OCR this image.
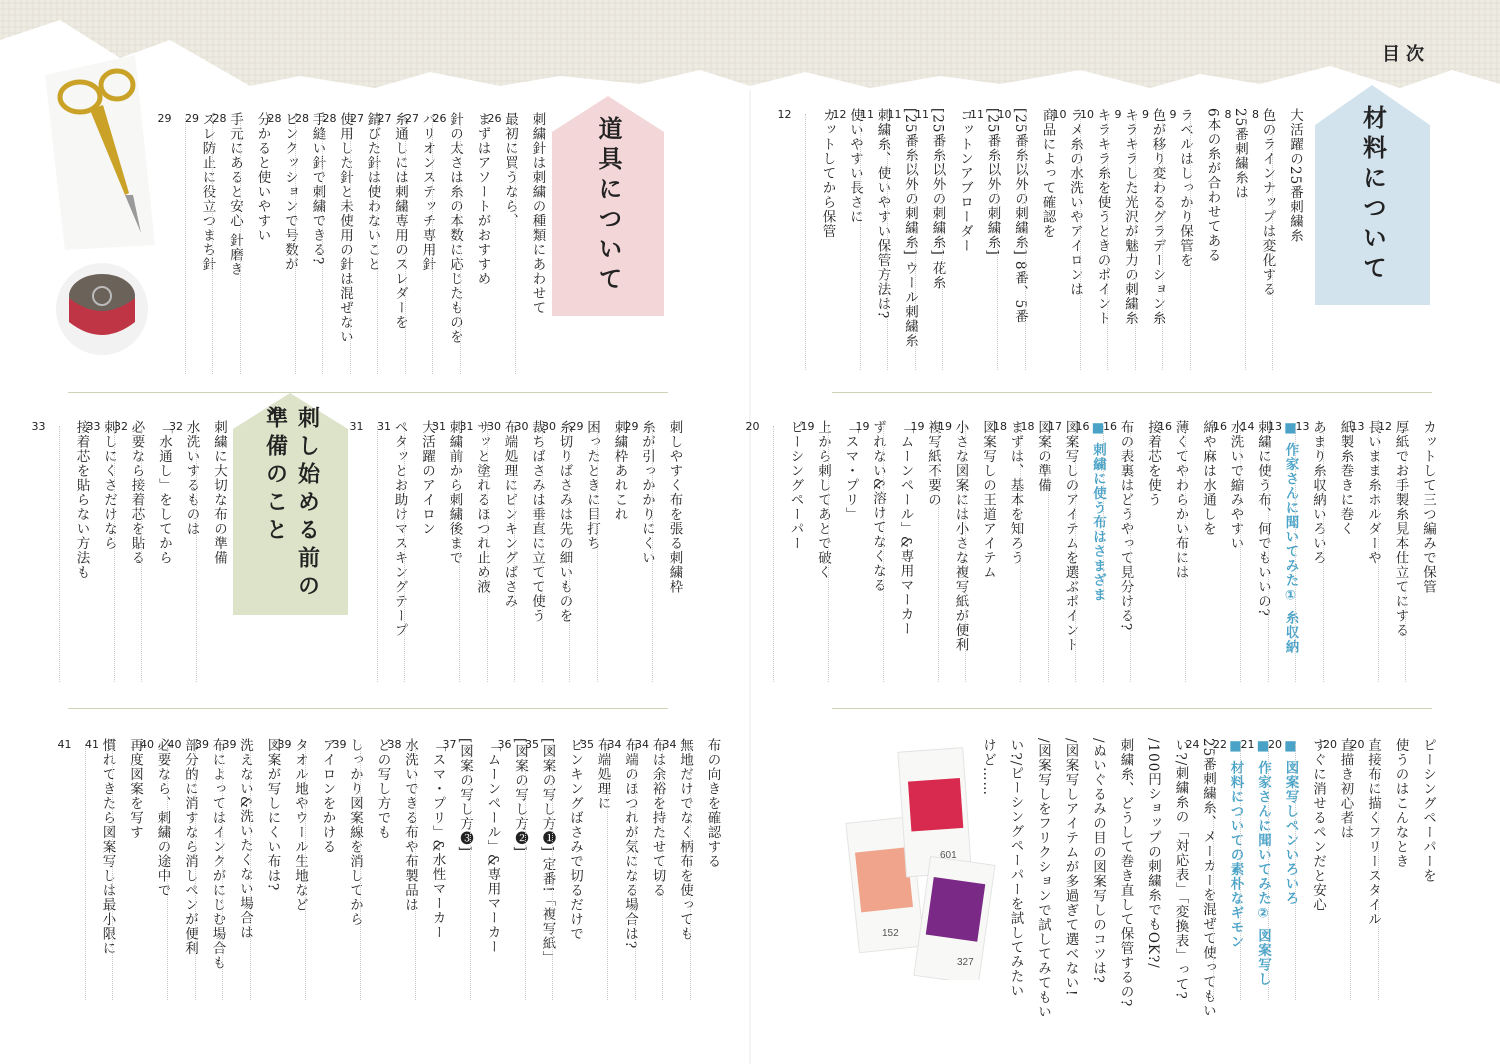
目次
材料について
道具について
刺し始める前の
準備のこと
大活躍の25番刺繍糸
8 色のラインナップは変化する
8 25番刺繍糸は
6本の糸が合わせてある
9 ラベルはしっかり保管を
9 色が移り変わるグラデーション糸
9 キラキラした光沢が魅力の刺繍糸
10 キラキラ糸を使うときのポイント
10 ラメ糸の水洗いやアイロンは
商品によって確認を
10 [25番糸以外の刺繍糸] 8番、5番
11 [25番糸以外の刺繍糸]
コットンアブローダー
11 [25番糸以外の刺繍糸] 花糸
11 [25番糸以外の刺繍糸] ウール刺繍糸
11 刺繍糸、使いやすい保管方法は?
12 使いやすい長さに
カットしてから保管
12
カットして三つ編みで保管
12 厚紙でお手製糸見本仕立てにする
13 長いまま糸ホルダーや
紙製糸巻きに巻く
13 あまり糸収納いろいろ
13
■ 作家さんに聞いてみた① 糸収納
14 刺繍に使う布、何でもいいの?
16 水洗いで縮みやすい
綿や麻は水通しを
16 薄くてやわらかい布には
接着芯を使う
16 布の表裏はどうやって見分ける?
16
■ 刺繍に使う布はさまざま
17 図案写しのアイテムを選ぶポイント
18 図案の準備
18 まずは、基本を知ろう
図案写しの王道アイテム
19 小さな図案には小さな複写紙が便利
19 複写紙不要の
「ムーンペール」&専用マーカー
19 ずれない&溶けてなくなる
「スマ・プリ」
19 上から刺してあとで破く
ピーシングペーパー
20
ピーシングペーパーを
使うのはこんなとき
20 直接布に描くフリースタイル
20 直描き初心者は
すぐに消せるペンだと安心
20
■ 図案写しペンいろいろ
21
■ 作家さんに聞いてみた② 図案写し
22
■ 材料についての素朴なギモン
24 25番刺繍糸、メーカーを混ぜて使ってもい
い?/刺繍糸の「対応表」「変換表」って?
/100円ショップの刺繍糸でもOK?/
刺繍糸、どうして巻き直して保管するの?
/ぬいぐるみの目の図案写しのコツは?
/図案写しアイテムが多過ぎて選べない!
/図案写しをフリクションで試してみてもい
い?/ピーシングペーパーを試してみたい
けど……
刺繍針は刺繍の種類にあわせて
26 最初に買うなら、
まずはアソートがおすすめ
26 針の太さは糸の本数に応じたものを
27 バリオンステッチ専用針
27 糸通しには刺繍専用のスレダーを
27 錆びた針は使わないこと
28 使用した針と未使用の針は混ぜない
28 手縫い針で刺繍できる?
28 ピンクッションで号数が
分かると使いやすい
28 手元にあると安心 針磨き
29 ズレ防止に役立つまち針
29
刺しやすく布を張る刺繍枠
29 糸が引っかかりにくい
刺繍枠あれこれ
29 困ったときに目打ち
30 糸切りばさみは先の細いものを
30 裁ちばさみは垂直に立てて使う
30 布端処理にピンキングばさみ
31 サッと塗れるほつれ止め液
31 刺繍前から刺繍後まで
大活躍のアイロン
31 ペタッとお助けマスキングテープ
31
刺繍に大切な布の準備
32 水洗いするものは
「水通し」をしてから
32 必要なら接着芯を貼る
33 刺しにくさだけなら
接着芯を貼らない方法も
33
布の向きを確認する
34 無地だけでなく柄布を使っても
34 布は余裕を持たせて切る
34 布端のほつれが気になる場合は?
35 布端処理に
ピンキングばさみで切るだけで
35 [図案の写し方❶] 定番!「複写紙」
36 [図案の写し方❷]
「ムーンペール」&専用マーカー
37 [図案の写し方❸]
「スマ・プリ」&水性マーカー
38 水洗いできる布や布製品は
どの写し方でも
39 しっかり図案線を消してから
アイロンをかける
39 タオル地やウール生地など
図案が写しにくい布は?
39 洗えない&洗いたくない場合は
39 布によってはインクがにじむ場合も
40 部分的に消すなら消しペンが便利
40 必要なら、刺繍の途中で
再度図案を写す
41 慣れてきたら図案写しは最小限に
41
601
152
327
